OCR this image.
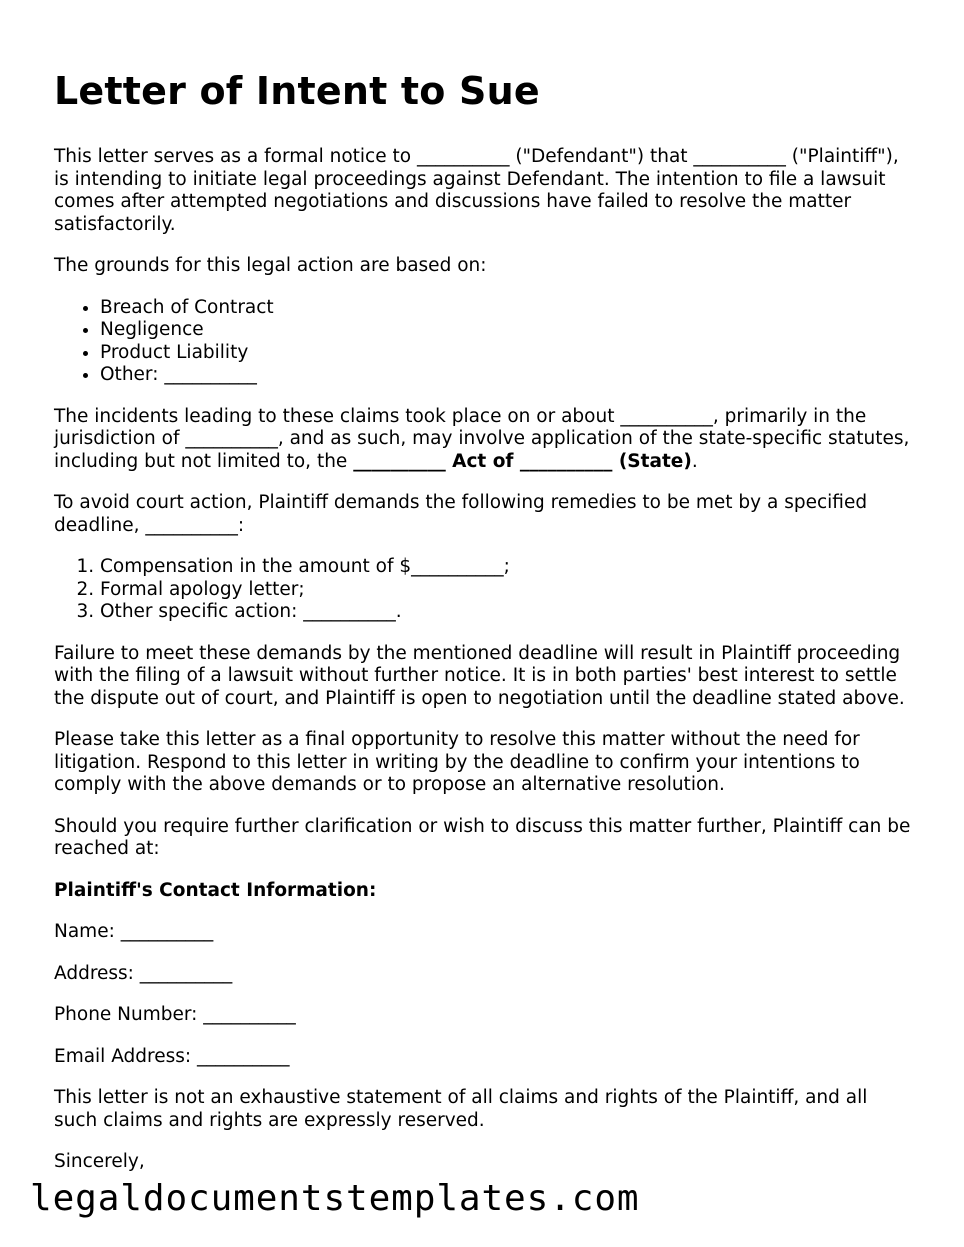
Letter of Intent to Sue

This letter serves as a formal notice to __________ ("Defendant") that __________ ("Plaintiff"), is intending to initiate legal proceedings against Defendant. The intention to file a lawsuit comes after attempted negotiations and discussions have failed to resolve the matter satisfactorily.

The grounds for this legal action are based on:

• Breach of Contract
• Negligence
• Product Liability
• Other: __________

The incidents leading to these claims took place on or about __________, primarily in the jurisdiction of __________, and as such, may involve application of the state-specific statutes, including but not limited to, the __________ Act of __________ (State).

To avoid court action, Plaintiff demands the following remedies to be met by a specified deadline, __________:

1. Compensation in the amount of $__________;
2. Formal apology letter;
3. Other specific action: __________.

Failure to meet these demands by the mentioned deadline will result in Plaintiff proceeding with the filing of a lawsuit without further notice. It is in both parties' best interest to settle the dispute out of court, and Plaintiff is open to negotiation until the deadline stated above.

Please take this letter as a final opportunity to resolve this matter without the need for litigation. Respond to this letter in writing by the deadline to confirm your intentions to comply with the above demands or to propose an alternative resolution.

Should you require further clarification or wish to discuss this matter further, Plaintiff can be reached at:

Plaintiff's Contact Information:

Name: __________

Address: __________

Phone Number: __________

Email Address: __________

This letter is not an exhaustive statement of all claims and rights of the Plaintiff, and all such claims and rights are expressly reserved.

Sincerely,

legaldocumentstemplates.com
